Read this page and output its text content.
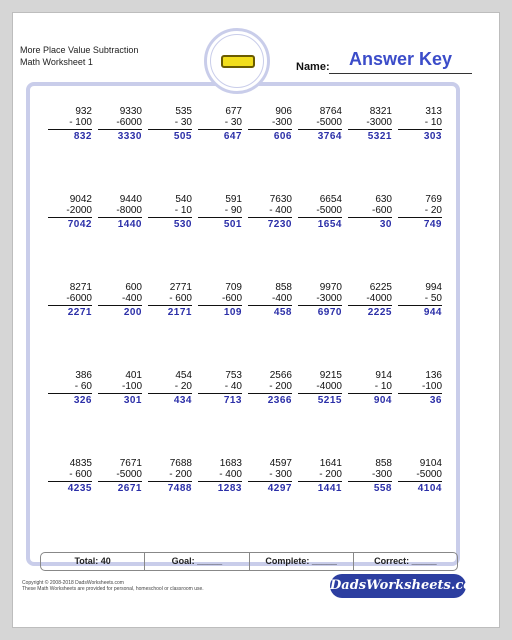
More Place Value Subtraction
Math Worksheet 1	Name:	Answer Key
932
- 100
832
9330
-6000
3330
535
- 30
505
677
- 30
647
906
-300
606
8764
-5000
3764
8321
-3000
5321
313
- 10
303
9042
-2000
7042
9440
-8000
1440
540
- 10
530
591
- 90
501
7630
- 400
7230
6654
-5000
1654
630
-600
30
769
- 20
749
8271
-6000
2271
600
-400
200
2771
- 600
2171
709
-600
109
858
-400
458
9970
-3000
6970
6225
-4000
2225
994
- 50
944
386
- 60
326
401
-100
301
454
- 20
434
753
- 40
713
2566
- 200
2366
9215
-4000
5215
914
- 10
904
136
-100
36
4835
- 600
4235
7671
-5000
2671
7688
- 200
7488
1683
- 400
1283
4597
- 300
4297
1641
- 200
1441
858
-300
558
9104
-5000
4104
Total: 40	Goal: _____	Complete: _____	Correct: _____
Copyright © 2008-2018 DadsWorksheets.com
These Math Worksheets are provided for personal, homeschool or classroom use.	DadsWorksheets.com
